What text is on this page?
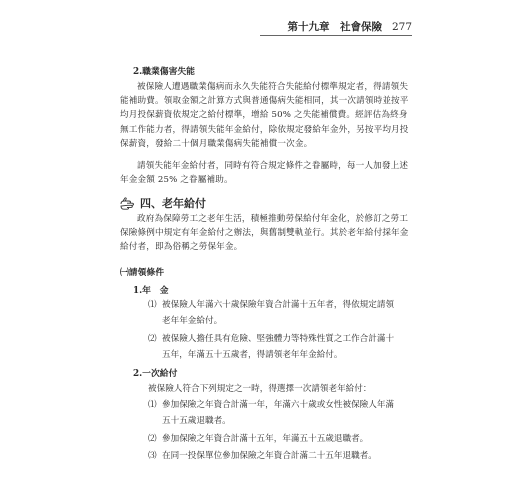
第十九章　社會保險 277
2.職業傷害失能
被保險人遭遇職業傷病而永久失能符合失能給付標準規定者，得請領失能補助費。領取金額之計算方式與普通傷病失能相同，其一次請領時並按平均月投保薪資依規定之給付標準，增給 50% 之失能補償費。經評估為終身無工作能力者，得請領失能年金給付，除依規定發給年金外，另按平均月投保薪資，發給二十個月職業傷病失能補償一次金。
請領失能年金給付者，同時有符合規定條件之眷屬時，每一人加發上述年金金額 25% 之眷屬補助。
四、老年給付
政府為保障勞工之老年生活，積極推動勞保給付年金化，於修訂之勞工保險條例中規定有年金給付之辦法，與舊制雙軌並行。其於老年給付採年金給付者，即為俗稱之勞保年金。
㈠請領條件
1.年　金
⑴ 被保險人年滿六十歲保險年資合計滿十五年者，得依規定請領
老年年金給付。
⑵ 被保險人擔任具有危險、堅強體力等特殊性質之工作合計滿十
五年，年滿五十五歲者，得請領老年年金給付。
2.一次給付
被保險人符合下列規定之一時，得選擇一次請領老年給付：
⑴ 參加保險之年資合計滿一年，年滿六十歲或女性被保險人年滿
五十五歲退職者。
⑵ 參加保險之年資合計滿十五年，年滿五十五歲退職者。
⑶ 在同一投保單位參加保險之年資合計滿二十五年退職者。
